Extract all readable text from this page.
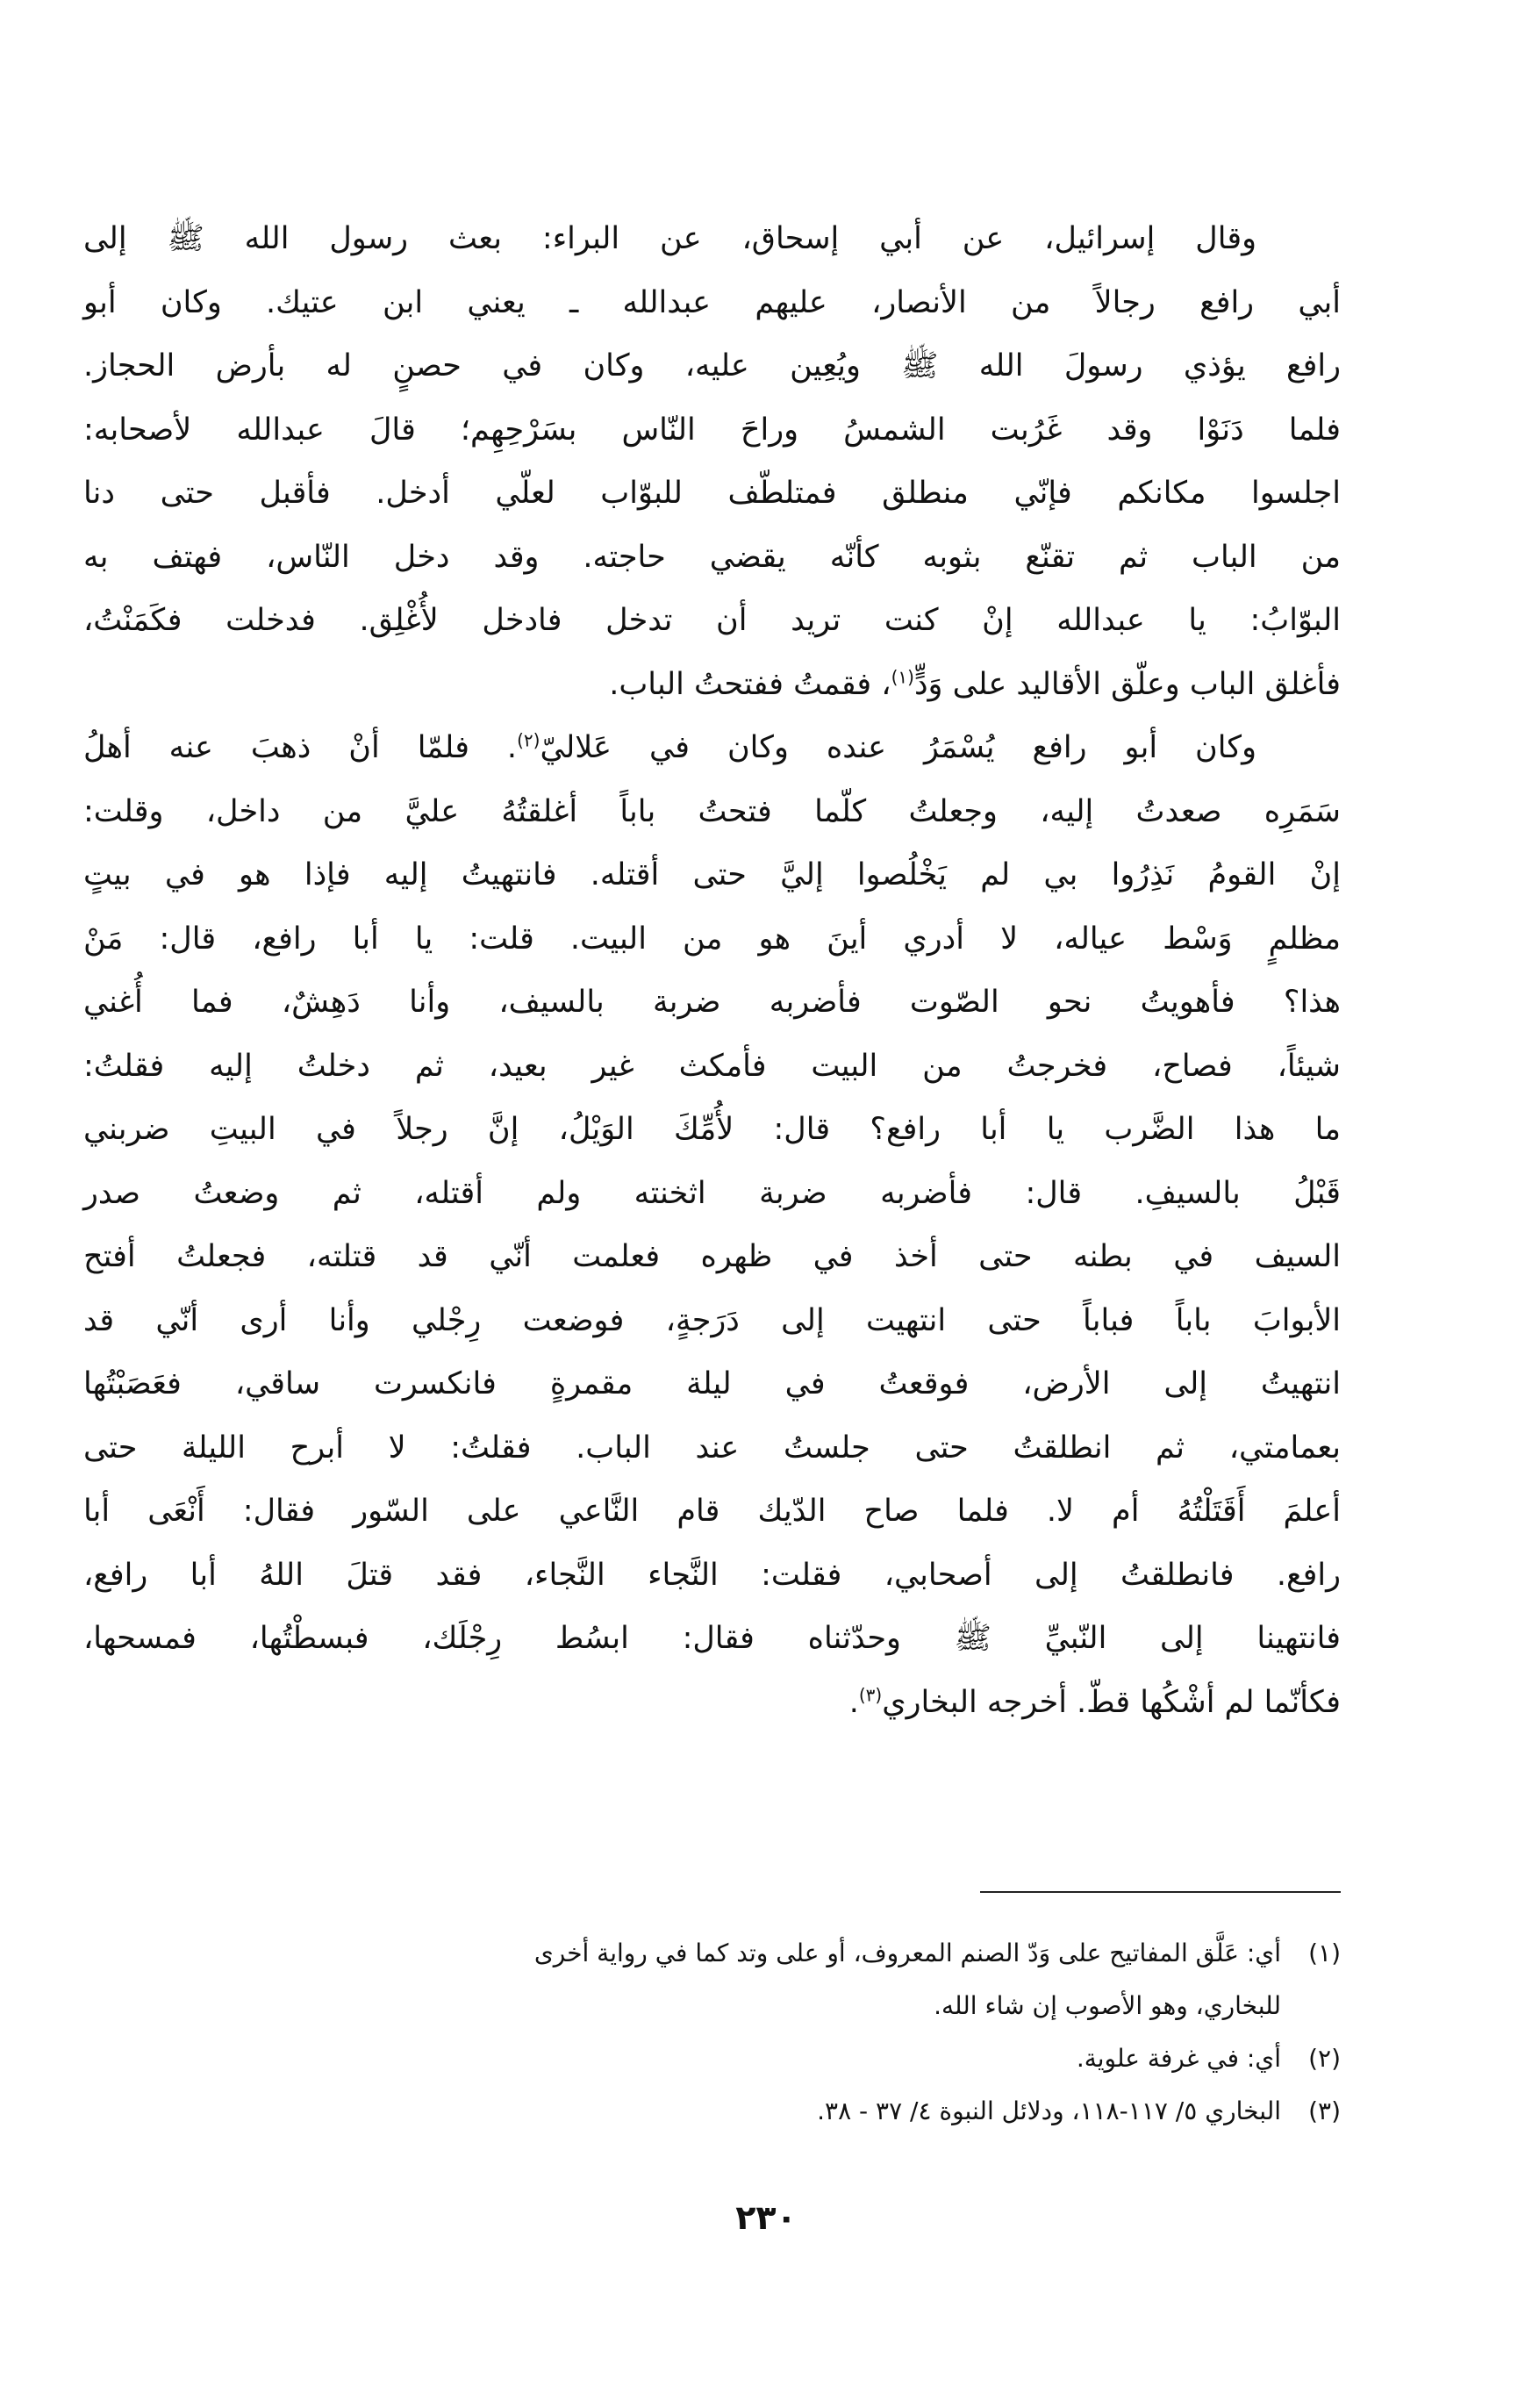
وقال إسرائيل، عن أبي إسحاق، عن البراء: بعث رسول الله ﷺ إلى
أبي رافع رجالاً من الأنصار، عليهم عبدالله ـ يعني ابن عتيك. وكان أبو
رافع يؤذي رسولَ الله ﷺ ويُعِين عليه، وكان في حصنٍ له بأرض الحجاز.
فلما دَنَوْا وقد غَرُبت الشمسُ وراحَ النّاس بسَرْحِهِم؛ قالَ عبدالله لأصحابه:
اجلسوا مكانكم فإنّي منطلق فمتلطّف للبوّاب لعلّي أدخل. فأقبل حتى دنا
من الباب ثم تقنّع بثوبه كأنّه يقضي حاجته. وقد دخل النّاس، فهتف به
البوّابُ: يا عبدالله إنْ كنت تريد أن تدخل فادخل لأُغْلِق. فدخلت فكَمَنْتُ،
فأغلق الباب وعلّق الأقاليد على وَدٍّ$^{(١)}$، فقمتُ ففتحتُ الباب.
وكان أبو رافع يُسْمَرُ عنده وكان في عَلاليّ$^{(٢)}$. فلمّا أنْ ذهبَ عنه أهلُ
سَمَرِه صعدتُ إليه، وجعلتُ كلّما فتحتُ باباً أغلقتُهُ عليَّ من داخل، وقلت:
إنْ القومُ نَذِرُوا بي لم يَخْلُصوا إليَّ حتى أقتله. فانتهيتُ إليه فإذا هو في بيتٍ
مظلمٍ وَسْط عياله، لا أدري أينَ هو من البيت. قلت: يا أبا رافع، قال: مَنْ
هذا؟ فأهويتُ نحو الصّوت فأضربه ضربة بالسيف، وأنا دَهِشٌ، فما أُغني
شيئاً، فصاح، فخرجتُ من البيت فأمكث غير بعيد، ثم دخلتُ إليه فقلتُ:
ما هذا الضَّرب يا أبا رافع؟ قال: لأُمِّكَ الوَيْلُ، إنَّ رجلاً في البيتِ ضربني
قَبْلُ بالسيفِ. قال: فأضربه ضربة اثخنته ولم أقتله، ثم وضعتُ صدر
السيف في بطنه حتى أخذ في ظهره فعلمت أنّي قد قتلته، فجعلتُ أفتح
الأبوابَ باباً فباباً حتى انتهيت إلى دَرَجةٍ، فوضعت رِجْلي وأنا أرى أنّي قد
انتهيتُ إلى الأرض، فوقعتُ في ليلة مقمرةٍ فانكسرت ساقي، فعَصَبْتُها
بعمامتي، ثم انطلقتُ حتى جلستُ عند الباب. فقلتُ: لا أبرح الليلة حتى
أعلمَ أَقَتَلْتُهُ أم لا. فلما صاح الدّيك قام النَّاعي على السّور فقال: أَنْعَى أبا
رافع. فانطلقتُ إلى أصحابي، فقلت: النَّجاء النَّجاء، فقد قتلَ اللهُ أبا رافع،
فانتهينا إلى النّبيِّ ﷺ وحدّثناه فقال: ابسُط رِجْلَك، فبسطْتُها، فمسحها،
فكأنّما لم أشْكُها قطّ. أخرجه البخاري$^{(٣)}$.
(١)
أي: عَلَّق المفاتيح على وَدّ الصنم المعروف، أو على وتد كما في رواية أخرى
للبخاري، وهو الأصوب إن شاء الله.
(٢)
أي: في غرفة علوية.
(٣)
البخاري ٥/ ١١٧-١١٨، ودلائل النبوة ٤/ ٣٧ - ٣٨.
٢٣٠
